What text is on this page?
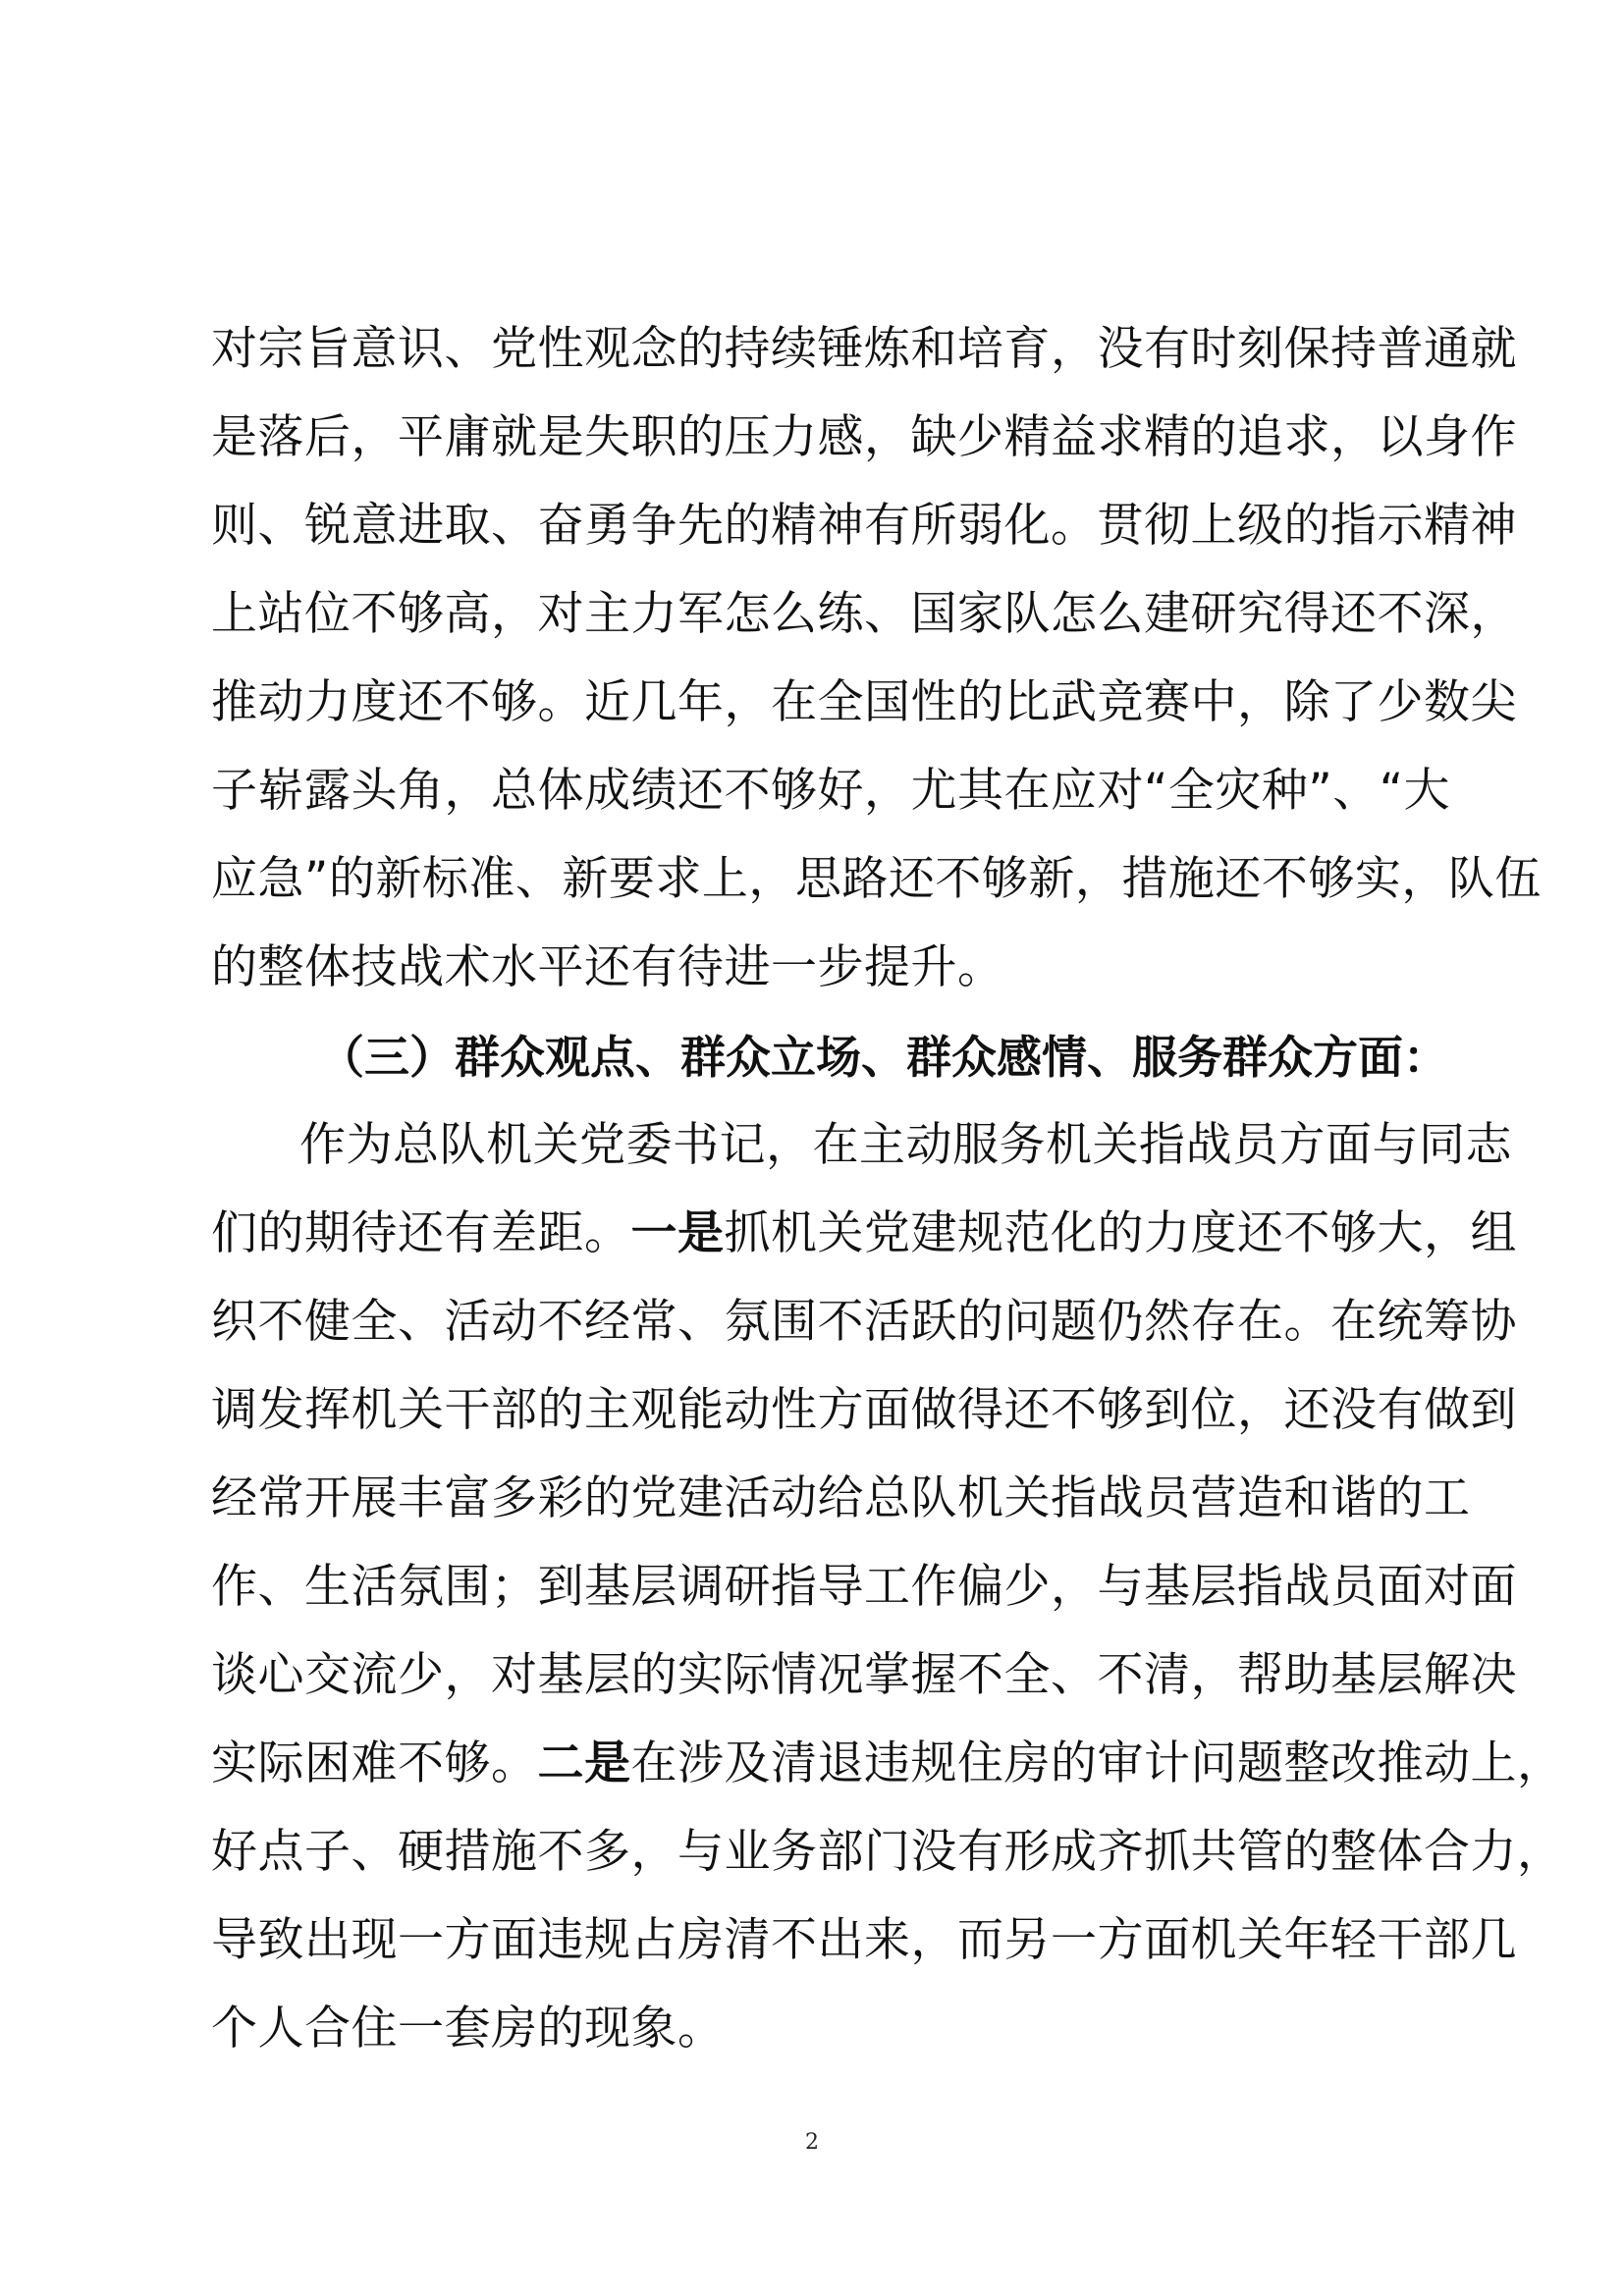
对宗旨意识、党性观念的持续锤炼和培育，没有时刻保持普通就
是落后，平庸就是失职的压力感，缺少精益求精的追求，以身作
则、锐意进取、奋勇争先的精神有所弱化。贯彻上级的指示精神
上站位不够高，对主力军怎么练、国家队怎么建研究得还不深，
推动力度还不够。近几年，在全国性的比武竞赛中，除了少数尖
子崭露头角，总体成绩还不够好，尤其在应对“全灾种”、“大
应急”的新标准、新要求上，思路还不够新，措施还不够实，队伍
的整体技战术水平还有待进一步提升。
（三）群众观点、群众立场、群众感情、服务群众方面：
作为总队机关党委书记，在主动服务机关指战员方面与同志
们的期待还有差距。一是抓机关党建规范化的力度还不够大，组
织不健全、活动不经常、氛围不活跃的问题仍然存在。在统筹协
调发挥机关干部的主观能动性方面做得还不够到位，还没有做到
经常开展丰富多彩的党建活动给总队机关指战员营造和谐的工
作、生活氛围；到基层调研指导工作偏少，与基层指战员面对面
谈心交流少，对基层的实际情况掌握不全、不清，帮助基层解决
实际困难不够。二是在涉及清退违规住房的审计问题整改推动上，
好点子、硬措施不多，与业务部门没有形成齐抓共管的整体合力，
导致出现一方面违规占房清不出来，而另一方面机关年轻干部几
个人合住一套房的现象。
2
